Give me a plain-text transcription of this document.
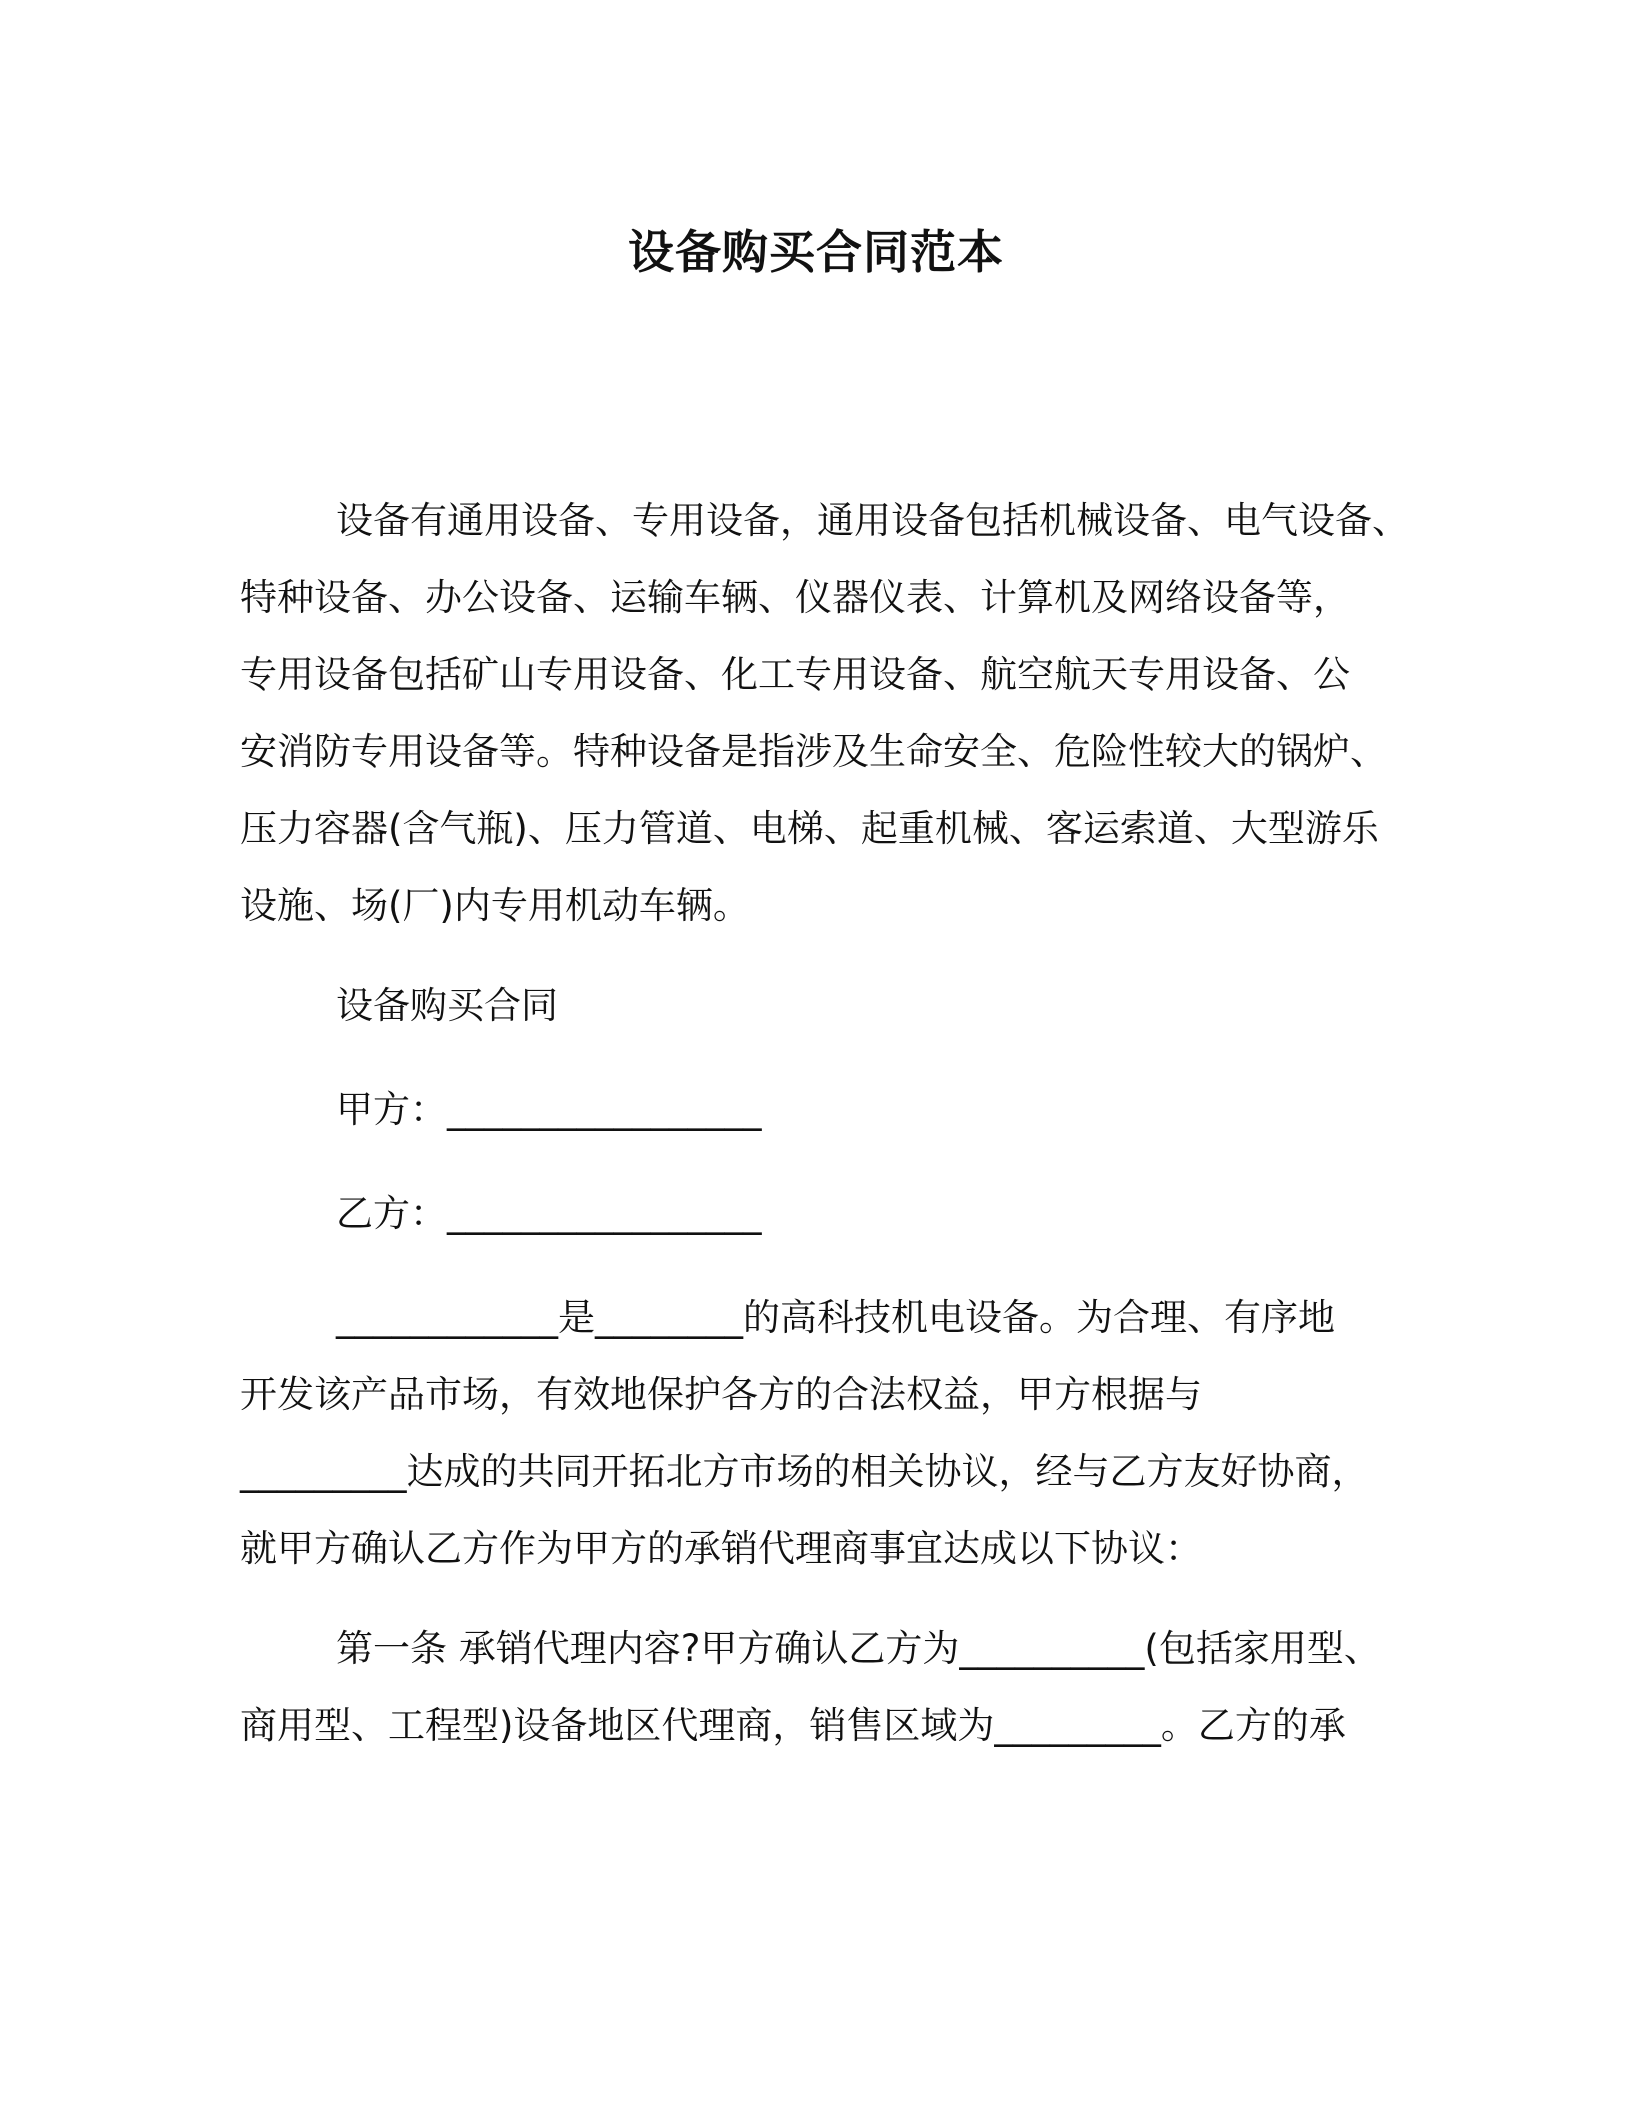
设备购买合同范本
设备有通用设备、专用设备，通用设备包括机械设备、电气设备、
特种设备、办公设备、运输车辆、仪器仪表、计算机及网络设备等，
专用设备包括矿山专用设备、化工专用设备、航空航天专用设备、公
安消防专用设备等。特种设备是指涉及生命安全、危险性较大的锅炉、
压力容器(含气瓶)、压力管道、电梯、起重机械、客运索道、大型游乐
设施、场(厂)内专用机动车辆。
设备购买合同
甲方：_________________
乙方：_________________
____________是________的高科技机电设备。为合理、有序地
开发该产品市场，有效地保护各方的合法权益，甲方根据与
_________达成的共同开拓北方市场的相关协议，经与乙方友好协商，
就甲方确认乙方作为甲方的承销代理商事宜达成以下协议：
第一条 承销代理内容?甲方确认乙方为__________(包括家用型、
商用型、工程型)设备地区代理商，销售区域为_________。乙方的承
